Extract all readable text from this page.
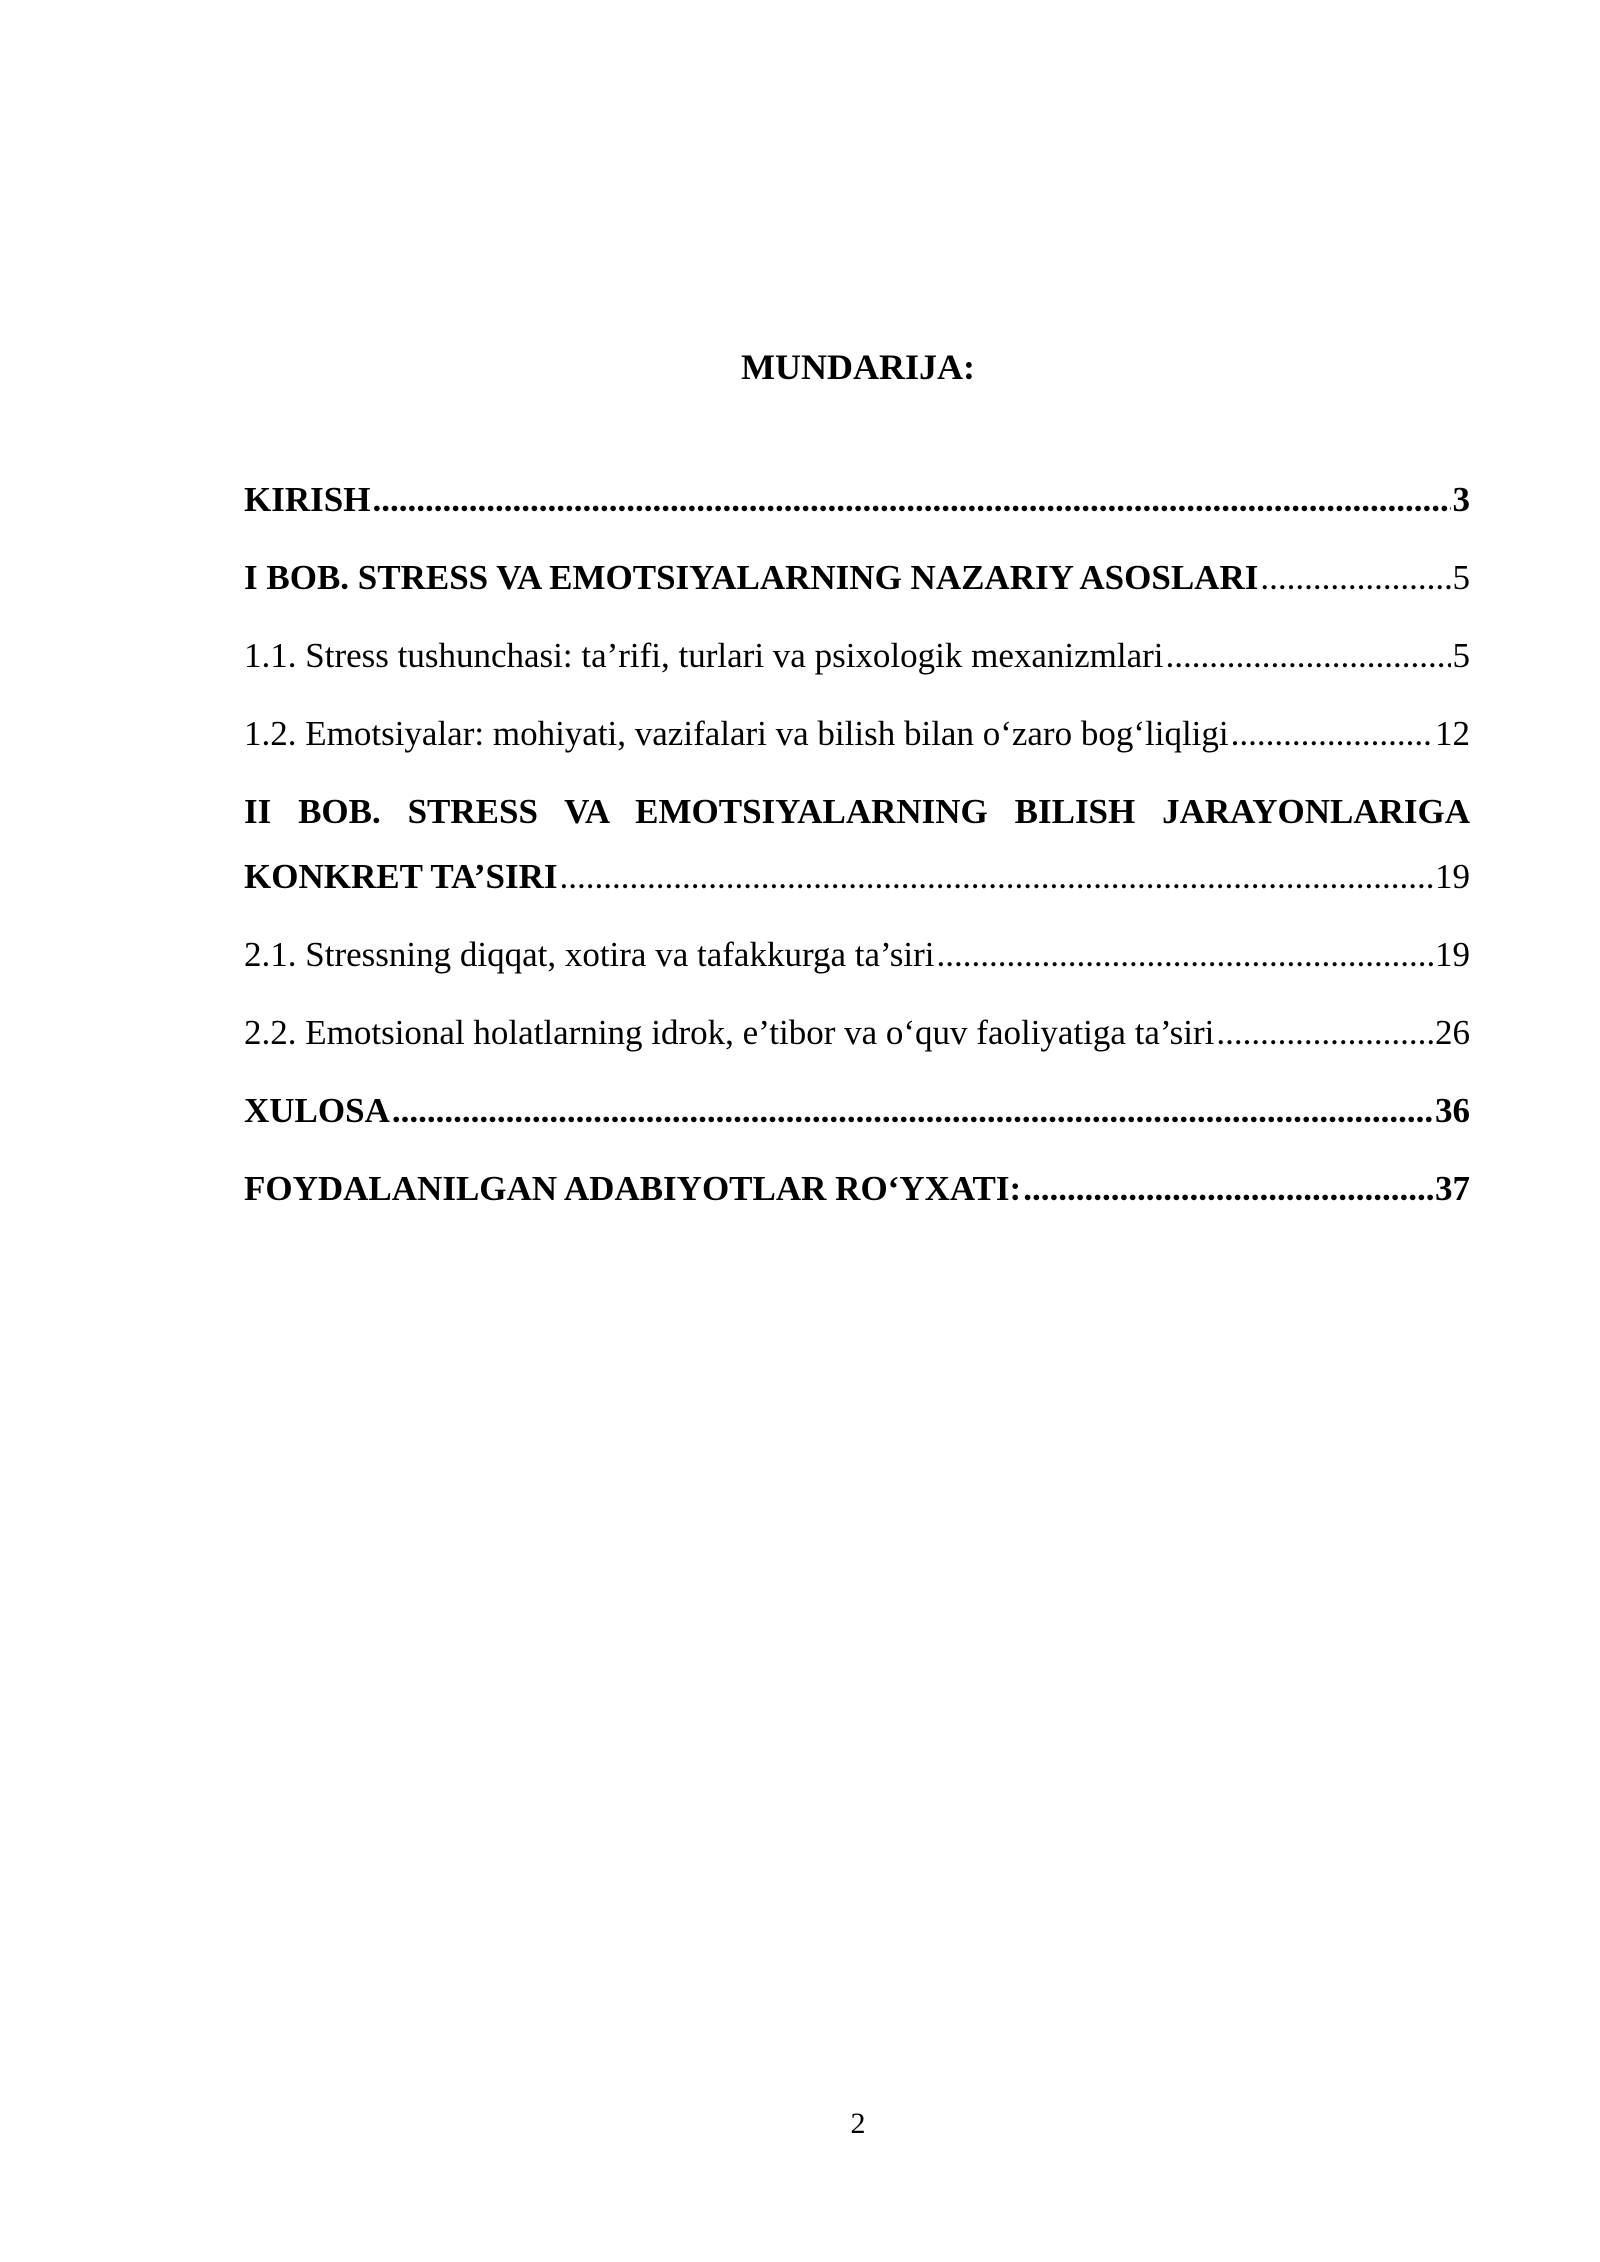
MUNDARIJA:
KIRISH .....	3
I BOB. STRESS VA EMOTSIYALARNING NAZARIY ASOSLARI .....	5
1.1. Stress tushunchasi: ta’rifi, turlari va psixologik mexanizmlari .....	5
1.2. Emotsiyalar: mohiyati, vazifalari va bilish bilan o‘zaro bog‘liqligi .....	12
II BOB. STRESS VA EMOTSIYALARNING BILISH JARAYONLARIGA
KONKRET TA’SIRI .....	19
2.1. Stressning diqqat, xotira va tafakkurga ta’siri .....	19
2.2. Emotsional holatlarning idrok, e’tibor va o‘quv faoliyatiga ta’siri .....	26
XULOSA .....	36
FOYDALANILGAN ADABIYOTLAR RO‘YXATI: .....	37
2
